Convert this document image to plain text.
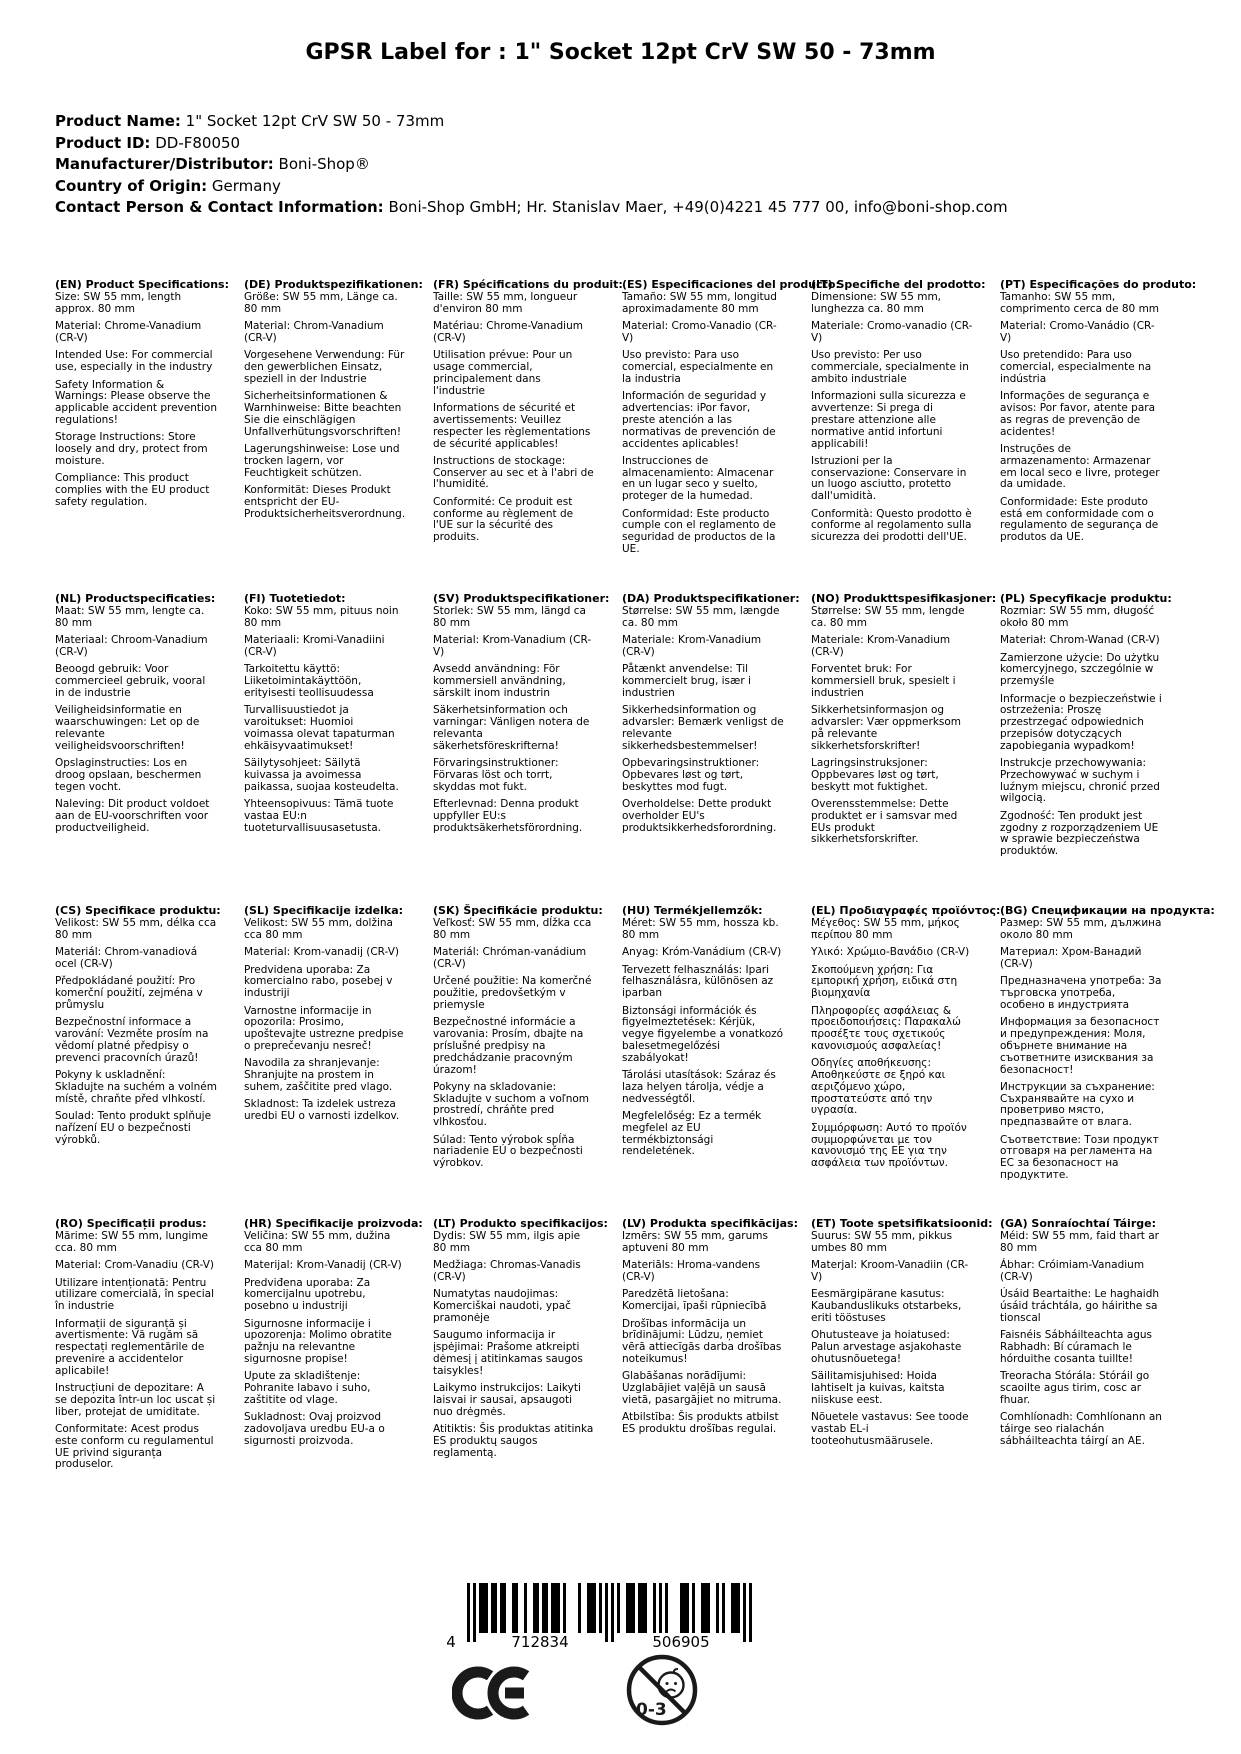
GPSR Label for : 1" Socket 12pt CrV SW 50 - 73mm
Product Name: 1" Socket 12pt CrV SW 50 - 73mm
Product ID: DD-F80050
Manufacturer/Distributor: Boni-Shop®
Country of Origin: Germany
Contact Person & Contact Information: Boni-Shop GmbH; Hr. Stanislav Maer, +49(0)4221 45 777 00, info@boni-shop.com
(EN) Product Specifications:

Size: SW 55 mm, length approx. 80 mm

Material: Chrome-Vanadium (CR-V)

Intended Use: For commercial use, especially in the industry

Safety Information & Warnings: Please observe the applicable accident prevention regulations!

Storage Instructions: Store loosely and dry, protect from moisture.

Compliance: This product complies with the EU product safety regulation.

(DE) Produktspezifikationen:

Größe: SW 55 mm, Länge ca. 80 mm

Material: Chrom-Vanadium (CR-V)

Vorgesehene Verwendung: Für den gewerblichen Einsatz, speziell in der Industrie

Sicherheitsinformationen & Warnhinweise: Bitte beachten Sie die einschlägigen Unfallverhütungsvorschriften!

Lagerungshinweise: Lose und trocken lagern, vor Feuchtigkeit schützen.

Konformität: Dieses Produkt entspricht der EU-Produktsicherheitsverordnung.

(FR) Spécifications du produit:

Taille: SW 55 mm, longueur d'environ 80 mm

Matériau: Chrome-Vanadium (CR-V)

Utilisation prévue: Pour un usage commercial, principalement dans l'industrie

Informations de sécurité et avertissements: Veuillez respecter les règlementations de sécurité applicables!

Instructions de stockage: Conserver au sec et à l'abri de l'humidité.

Conformité: Ce produit est conforme au règlement de l'UE sur la sécurité des produits.

(ES) Especificaciones del producto:

Tamaño: SW 55 mm, longitud aproximadamente 80 mm

Material: Cromo-Vanadio (CR-V)

Uso previsto: Para uso comercial, especialmente en la industria

Información de seguridad y advertencias: iPor favor, preste atención a las normativas de prevención de accidentes aplicables!

Instrucciones de almacenamiento: Almacenar en un lugar seco y suelto, proteger de la humedad.

Conformidad: Este producto cumple con el reglamento de seguridad de productos de la UE.

(IT) Specifiche del prodotto:

Dimensione: SW 55 mm, lunghezza ca. 80 mm

Materiale: Cromo-vanadio (CR-V)

Uso previsto: Per uso commerciale, specialmente in ambito industriale

Informazioni sulla sicurezza e avvertenze: Si prega di prestare attenzione alle normative antid infortuni applicabili!

Istruzioni per la conservazione: Conservare in un luogo asciutto, protetto dall'umidità.

Conformità: Questo prodotto è conforme al regolamento sulla sicurezza dei prodotti dell'UE.

(PT) Especificações do produto:

Tamanho: SW 55 mm, comprimento cerca de 80 mm

Material: Cromo-Vanádio (CR-V)

Uso pretendido: Para uso comercial, especialmente na indústria

Informações de segurança e avisos: Por favor, atente para as regras de prevenção de acidentes!

Instruções de armazenamento: Armazenar em local seco e livre, proteger da umidade.

Conformidade: Este produto está em conformidade com o regulamento de segurança de produtos da UE.

(NL) Productspecificaties:

Maat: SW 55 mm, lengte ca. 80 mm

Materiaal: Chroom-Vanadium (CR-V)

Beoogd gebruik: Voor commercieel gebruik, vooral in de industrie

Veiligheidsinformatie en waarschuwingen: Let op de relevante veiligheidsvoorschriften!

Opslaginstructies: Los en droog opslaan, beschermen tegen vocht.

Naleving: Dit product voldoet aan de EU-voorschriften voor productveiligheid.

(FI) Tuotetiedot:

Koko: SW 55 mm, pituus noin 80 mm

Materiaali: Kromi-Vanadiini (CR-V)

Tarkoitettu käyttö: Liiketoimintakäyttöön, erityisesti teollisuudessa

Turvallisuustiedot ja varoitukset: Huomioi voimassa olevat tapaturman ehkäisyvaatimukset!

Säilytysohjeet: Säilytä kuivassa ja avoimessa paikassa, suojaa kosteudelta.

Yhteensopivuus: Tämä tuote vastaa EU:n tuoteturvallisuusasetusta.

(SV) Produktspecifikationer:

Storlek: SW 55 mm, längd ca 80 mm

Material: Krom-Vanadium (CR-V)

Avsedd användning: För kommersiell användning, särskilt inom industrin

Säkerhetsinformation och varningar: Vänligen notera de relevanta säkerhetsföreskrifterna!

Förvaringsinstruktioner: Förvaras löst och torrt, skyddas mot fukt.

Efterlevnad: Denna produkt uppfyller EU:s produktsäkerhetsförordning.

(DA) Produktspecifikationer:

Størrelse: SW 55 mm, længde ca. 80 mm

Materiale: Krom-Vanadium (CR-V)

Påtænkt anvendelse: Til kommercielt brug, især i industrien

Sikkerhedsinformation og advarsler: Bemærk venligst de relevante sikkerhedsbestemmelser!

Opbevaringsinstruktioner: Opbevares løst og tørt, beskyttes mod fugt.

Overholdelse: Dette produkt overholder EU's produktsikkerhedsforordning.

(NO) Produkttspesifikasjoner:

Størrelse: SW 55 mm, lengde ca. 80 mm

Materiale: Krom-Vanadium (CR-V)

Forventet bruk: For kommersiell bruk, spesielt i industrien

Sikkerhetsinformasjon og advarsler: Vær oppmerksom på relevante sikkerhetsforskrifter!

Lagringsinstruksjoner: Oppbevares løst og tørt, beskytt mot fuktighet.

Overensstemmelse: Dette produktet er i samsvar med EUs produkt sikkerhetsforskrifter.

(PL) Specyfikacje produktu:

Rozmiar: SW 55 mm, długość około 80 mm

Materiał: Chrom-Wanad (CR-V)

Zamierzone użycie: Do użytku komercyjnego, szczególnie w przemyśle

Informacje o bezpieczeństwie i ostrzeżenia: Proszę przestrzegać odpowiednich przepisów dotyczących zapobiegania wypadkom!

Instrukcje przechowywania: Przechowywać w suchym i luźnym miejscu, chronić przed wilgocią.

Zgodność: Ten produkt jest zgodny z rozporządzeniem UE w sprawie bezpieczeństwa produktów.

(CS) Specifikace produktu:

Velikost: SW 55 mm, délka cca 80 mm

Materiál: Chrom-vanadiová ocel (CR-V)

Předpokládané použití: Pro komerční použití, zejména v průmyslu

Bezpečnostní informace a varování: Vezměte prosím na vědomí platné předpisy o prevenci pracovních úrazů!

Pokyny k uskladnění: Skladujte na suchém a volném místě, chraňte před vlhkostí.

Soulad: Tento produkt splňuje nařízení EU o bezpečnosti výrobků.

(SL) Specifikacije izdelka:

Velikost: SW 55 mm, dolžina cca 80 mm

Material: Krom-vanadij (CR-V)

Predvidena uporaba: Za komercialno rabo, posebej v industriji

Varnostne informacije in opozorila: Prosimo, upoštevajte ustrezne predpise o preprečevanju nesreč!

Navodila za shranjevanje: Shranjujte na prostem in suhem, zaščitite pred vlago.

Skladnost: Ta izdelek ustreza uredbi EU o varnosti izdelkov.

(SK) Špecifikácie produktu:

Veľkosť: SW 55 mm, dĺžka cca 80 mm

Materiál: Chróman-vanádium (CR-V)

Určené použitie: Na komerčné použitie, predovšetkým v priemysle

Bezpečnostné informácie a varovania: Prosím, dbajte na príslušné predpisy na predchádzanie pracovným úrazom!

Pokyny na skladovanie: Skladujte v suchom a voľnom prostredí, chráňte pred vlhkosťou.

Súlad: Tento výrobok spĺňa nariadenie EÚ o bezpečnosti výrobkov.

(HU) Termékjellemzők:

Méret: SW 55 mm, hossza kb. 80 mm

Anyag: Króm-Vanádium (CR-V)

Tervezett felhasználás: Ipari felhasználásra, különösen az iparban

Biztonsági információk és figyelmeztetések: Kérjük, vegye figyelembe a vonatkozó balesetmegelőzési szabályokat!

Tárolási utasítások: Száraz és laza helyen tárolja, védje a nedvességtől.

Megfelelőség: Ez a termék megfelel az EU termékbiztonsági rendeletének.

(EL) Προδιαγραφές προϊόντος:

Μέγεθος: SW 55 mm, μήκος περίπου 80 mm

Υλικό: Χρώμιο-Βανάδιο (CR-V)

Σκοπούμενη χρήση: Για εμπορική χρήση, ειδικά στη βιομηχανία

Πληροφορίες ασφάλειας & προειδοποιήσεις: Παρακαλώ προσέξτε τους σχετικούς κανονισμούς ασφαλείας!

Οδηγίες αποθήκευσης: Αποθηκεύστε σε ξηρό και αεριζόμενο χώρο, προστατεύστε από την υγρασία.

Συμμόρφωση: Αυτό το προϊόν συμμορφώνεται με τον κανονισμό της ΕΕ για την ασφάλεια των προϊόντων.

(BG) Спецификации на продукта:

Размер: SW 55 mm, дължина около 80 mm

Материал: Хром-Ванадий (CR-V)

Предназначена употреба: За търговска употреба, особено в индустрията

Информация за безопасност и предупреждения: Моля, обърнете внимание на съответните изисквания за безопасност!

Инструкции за съхранение: Съхранявайте на сухо и проветриво място, предпазвайте от влага.

Съответствие: Този продукт отговаря на регламента на ЕС за безопасност на продуктите.

(RO) Specificații produs:

Mărime: SW 55 mm, lungime cca. 80 mm

Material: Crom-Vanadiu (CR-V)

Utilizare intenționată: Pentru utilizare comercială, în special în industrie

Informații de siguranță și avertismente: Vă rugăm să respectați reglementările de prevenire a accidentelor aplicabile!

Instrucțiuni de depozitare: A se depozita într-un loc uscat și liber, protejat de umiditate.

Conformitate: Acest produs este conform cu regulamentul UE privind siguranța produselor.

(HR) Specifikacije proizvoda:

Veličina: SW 55 mm, dužina cca 80 mm

Materijal: Krom-Vanadij (CR-V)

Predviđena uporaba: Za komercijalnu upotrebu, posebno u industriji

Sigurnosne informacije i upozorenja: Molimo obratite pažnju na relevantne sigurnosne propise!

Upute za skladištenje: Pohranite labavo i suho, zaštitite od vlage.

Sukladnost: Ovaj proizvod zadovoljava uredbu EU-a o sigurnosti proizvoda.

(LT) Produkto specifikacijos:

Dydis: SW 55 mm, ilgis apie 80 mm

Medžiaga: Chromas-Vanadis (CR-V)

Numatytas naudojimas: Komerciškai naudoti, ypač pramonėje

Saugumo informacija ir įspėjimai: Prašome atkreipti dėmesį į atitinkamas saugos taisykles!

Laikymo instrukcijos: Laikyti laisvai ir sausai, apsaugoti nuo drėgmės.

Atitiktis: Šis produktas atitinka ES produktų saugos reglamentą.

(LV) Produkta specifikācijas:

Izmērs: SW 55 mm, garums aptuveni 80 mm

Materiāls: Hroma-vandens (CR-V)

Paredzētā lietošana: Komercijai, īpaši rūpniecībā

Drošības informācija un brīdinājumi: Lūdzu, ņemiet vērā attiecīgās darba drošības noteikumus!

Glabāšanas norādījumi: Uzglabājiet vaļējā un sausā vietā, pasargājiet no mitruma.

Atbilstība: Šis produkts atbilst ES produktu drošības regulai.

(ET) Toote spetsifikatsioonid:

Suurus: SW 55 mm, pikkus umbes 80 mm

Materjal: Kroom-Vanadiin (CR-V)

Eesmärgipärane kasutus: Kaubanduslikuks otstarbeks, eriti tööstuses

Ohutusteave ja hoiatused: Palun arvestage asjakohaste ohutusnõuetega!

Säilitamisjuhised: Hoida lahtiselt ja kuivas, kaitsta niiskuse eest.

Nõuetele vastavus: See toode vastab EL-i tooteohutusmäärusele.

(GA) Sonraíochtaí Táirge:

Méid: SW 55 mm, faid thart ar 80 mm

Ábhar: Cróimiam-Vanadium (CR-V)

Úsáid Beartaithe: Le haghaidh úsáid tráchtála, go háirithe sa tionscal

Faisnéis Sábháilteachta agus Rabhadh: Bí cúramach le hórduithe cosanta tuillte!

Treoracha Stórála: Stóráil go scaoilte agus tirim, cosc ar fhuar.

Comhlíonadh: Comhlíonann an táirge seo rialachán sábháilteachta táirgí an AE.

4	712834	506905
0-3
